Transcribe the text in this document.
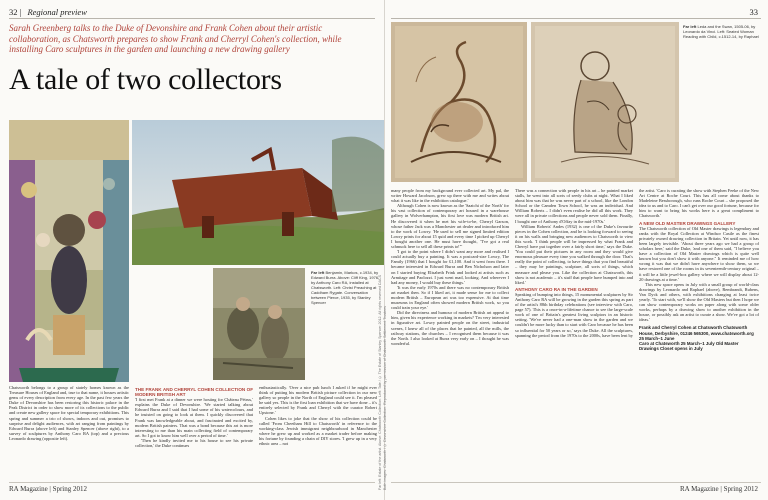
32 | Regional preview
Sarah Greenberg talks to the Duke of Devonshire and Frank Cohen about their artistic collaboration, as Chatsworth prepares to show Frank and Cherryl Cohen's collection, while installing Caro sculptures in the garden and launching a new drawing gallery
A tale of two collectors
Far left Benjamin, Markos, c.1934, by Edward Burra. Above: Cliff King, 1976, by Anthony Caro RA, installed at Chatsworth. Left: Christ Preaching at Caddham Rygate. Conversation between Pierce, 1935, by Stanley Spencer

Chatsworth belongs to a group of stately homes known as the Treasure Houses of England and, true to that name, it houses artistic gems of every description from every age. In the past few years the Duke of Devonshire has been restoring this historic palace in the Peak District in order to show more of its collections to the public and create new gallery space for special temporary exhibitions. This spring and summer a trio of shows, indoors and out, promises to surprise and delight audiences, with art ranging from paintings by Edward Burra (above left) and Stanley Spencer (above right), to a survey of sculptures by Anthony Caro RA (top) and a precious Leonardo drawing (opposite left).

THE FRANK AND CHERRYL COHEN COLLECTION OF MODERN BRITISH ART

'I first met Frank at a dinner we were hosting for Château Pétrus,' explains the Duke of Devonshire. 'We started talking about Edward Burra and I said that I had some of his watercolours, and he insisted on going to look at them. I quickly discovered that Frank was knowledgeable about, and fascinated and excited by, modern British painters. That was a bond because this art is more interesting to me than his main collecting field of contemporary art. So I got to know him well over a period of time.'

'Then he kindly invited me to his house to see his private collection,' the Duke continues

enthusiastically. 'Over a nice pub lunch I asked if he might ever think of putting his modern British picture collection in our new gallery so people in the North of England could see it. I'm pleased he said yes. This is the first loan exhibition that we have done – it's entirely selected by Frank and Cherryl with the curator Robert Upstone.'

Cohen likes to joke that the show of his collection could be called 'From Cheetham Hill to Chatsworth' in reference to the working-class Jewish immigrant neighbourhood in Manchester where he grew up and worked as a market trader before making his fortune by founding a chain of DIY stores. 'I grew up in a very ethnic area – not	Far left: Estate of the artist. Above: Chatsworth Collection. Left: Tate / © The Estate of Stanley Spencer 2012. All rights reserved DACS
RA Magazine | Spring 2012
33
Far left Leda and the Swan, 1505-06, by Leonardo da Vinci. Left: Seated Woman Reading with Child, c.1512-14, by Raphael
Both images: Chatsworth / © Devonshire Collection. Reproduced by permission of Chatsworth Settlement Trustees

many people from my background ever collected art. My pal, the writer Howard Jacobson, grew up there with me and writes about what it was like in the exhibition catalogue.'

Although Cohen is now known as the 'Saatchi of the North' for his vast collection of contemporary art housed in a warehouse gallery in Wolverhampton, his first love was modern British art. He discovered it when he met his wife-to-be, Cherryl Garson, whose father Jack was a Manchester art dealer and introduced him to the work of Lowry. 'He used to sell me signed limited edition Lowry prints for about 15 quid and every time I picked up Cherryl I bought another one. He must have thought, "I've got a real schmuck here to sell all these prints to!"'

'I got to the point where I didn't want any more and realised I could actually buy a painting. It was a postcard-size Lowry, The Family (1966) that I bought for £1,100. And it went from there. I became interested in Edward Burra and Ben Nicholson and later on I started buying Elisabeth Frink and looked at artists such as Armitage and Paolozzi. I just went mad, looking. And wherever I had any money, I would buy these things.'

'It was the early 1970s and there was no contemporary British art market then. So if I liked art, it made sense for me to collect modern British – European art was too expensive. At that time museums in England often showed modern British work, so you could train your eye.'

Did the directness and humour of modern British art appeal to him, given his experience working in markets? 'I'm very interested in figurative art. Lowry painted people on the street, industrial scenes, I knew all of the places that he painted, all the mills, the railway stations, the churches – I recognised them because it was the North. I also looked at Burra very early on – I thought he was wonderful.

There was a connection with people in his art – he painted market stalls, he went into all sorts of seedy clubs at night. What I liked about him was that he was never part of a school, like the London School or the Camden Town School, he was an individual. And William Roberts – I didn't even realise he did all this work. They were all in private collections and people never sold them. Finally, I bought one of Anthony d'Offay in the mid-1970s.'

William Roberts' Andes (1932) is one of the Duke's favourite pieces in the Cohen collection, and he is looking forward to seeing it on his walls and bringing new audiences to Chatsworth to view this work. 'I think people will be impressed by what Frank and Cherryl have put together over a fairly short time,' says the Duke. 'You could put their pictures in any room and they would give enormous pleasure every time you walked through the door. That's really the point of collecting, to have things that you find beautiful – they may be paintings, sculpture, all sorts of things, which measure and please you. Like the collection at Chatsworth, this show is not academic – it's stuff that people have bumped into and liked.'

ANTHONY CARO RA IN THE GARDEN

Speaking of bumping into things, 15 monumental sculptures by Sir Anthony Caro RA will be growing in the garden this spring as part of the artist's 88th birthday celebrations (see interview with Caro, page 57). This is a once-in-a-lifetime chance to see the large-scale work of one of Britain's greatest living sculptors in an historic setting. 'We've never had a one-man show in the garden and we couldn't be more lucky than to start with Caro because he has been so influential for 50 years or so,' says the Duke. All the sculptures, spanning the period from the 1970s to the 2000s, have been lent by

the artist. 'Caro is curating the show with Stephen Feeke of the New Art Centre at Roche Court. This has all come about thanks to Madeleine Bessborough, who runs Roche Court – she proposed the idea to us and to Caro. I can't get over our good fortune, because for him to want to bring his works here is a great compliment to Chatsworth.'

A NEW OLD MASTER DRAWINGS GALLERY

The Chatsworth collection of Old Master drawings is legendary and ranks with the Royal Collection at Windsor Castle as the finest privately owned drawing collection in Britain. Yet until now, it has been largely invisible. 'About three years ago we had a group of scholars here,' said the Duke, 'and one of them said, "I believe you have a collection of Old Master drawings which is quite well known but you don't show it with anyone." It reminded me of how wrong it was that we didn't have anywhere to show them, so we have restored one of the rooms in its seventeenth-century original – it will be a little jewel-box gallery where we will display about 12-20 drawings at a time.'

This new space opens in July with a small group of world-class drawings by Leonardo and Raphael (above), Rembrandt, Rubens, Van Dyck and others, with exhibitions changing at least twice yearly. 'To start with, we'll show the Old Masters but then I hope we can show contemporary works on paper along with some older works, perhaps by a drawing show to another exhibition in the house, or possibly ask an artist to curate a show. We've got a lot of ideas.'

Frank and Cherryl Cohen at Chatsworth Chatsworth House, Derbyshire, 01246 565300, www.chatsworth.org 25 March–1 June

Caro at Chatsworth 25 March–1 July Old Master Drawings Closet opens in July

RA Magazine | Spring 2012
